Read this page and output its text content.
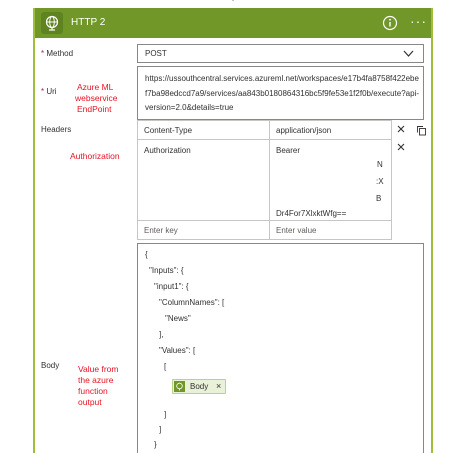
HTTP 2	···
* Method	POST
* Uri Azure ML
webservice
EndPoint
https://ussouthcentral.services.azureml.net/workspaces/e17b4fa8758f422ebef7ba98edccd7a9/services/aa843b0180864316bc5f9fe53e1f2f0b/execute?api-version=2.0&details=true
Headers
Authorization
Content-Type	application/json
Authorization	Bearer
N
:X
B
Dr4For7XlxktWfg==
Enter key	Enter value
Body Value from
the azure
function
output
{
"Inputs": {
"input1": {
"ColumnNames": [
"News"
],
"Values": [
[
Body ×
]
]
}
